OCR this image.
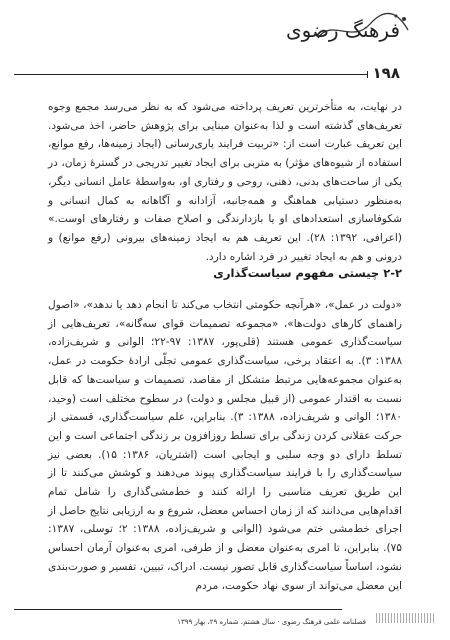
فرهنگ رضوی
۱۹۸

در نهایت، به متأخرترین تعریف پرداخته می‌شود که به نظر می‌رسد مجمع وجوه تعریف‌های گذشته است و لذا به‌عنوان مبنایی برای پژوهش حاضر، اخذ می‌شود. این تعریف عبارت است از: «تربیت فرایند یاری‌رسانی (ایجاد زمینه‌ها، رفع موانع، استفاده از شیوه‌های مؤثر) به متربی برای ایجاد تغییر تدریجی در گسترهٔ زمان، در یکی از ساحت‌های بدنی، ذهنی، روحی و رفتاری او، به‌واسطهٔ عامل انسانی دیگر، به‌منظور دستیابی هماهنگ و همه‌جانبه، آزادانه و آگاهانه به کمال انسانی و شکوفاسازی استعدادهای او یا بازدارندگی و اصلاح صفات و رفتارهای اوست.» (اعرافی، ۱۳۹۲: ۲۸). این تعریف هم به ایجاد زمینه‌های بیرونی (رفع موانع) و درونی و هم به ایجاد تغییر در فرد اشاره دارد.

۲-۲ چیستی مفهوم سیاست‌گذاری

«دولت در عمل»، «هرآنچه حکومتی انتخاب می‌کند تا انجام دهد یا ندهد»، «اصول راهنمای کارهای دولت‌ها»، «مجموعه تصمیمات قوای سه‌گانه»، تعریف‌هایی از سیاست‌گذاری عمومی هستند (قلی‌پور، ۱۳۸۷: ۹۷-۲۲؛ الوانی و شریف‌زاده، ۱۳۸۸: ۳). به اعتقاد برخی، سیاست‌گذاری عمومی تجلّی ارادهٔ حکومت در عمل، به‌عنوان مجموعه‌هایی مرتبط متشکل از مقاصد، تصمیمات و سیاست‌ها که قابل نسبت به اقتدار عمومی (از قبیل مجلس و دولت) در سطوح مختلف است (وحید، ۱۳۸۰؛ الوانی و شریف‌زاده، ۱۳۸۸: ۳). بنابراین، علم سیاست‌گذاری، قسمتی از حرکت عقلانی کردن زندگی برای تسلط روزافزون بر زندگی اجتماعی است و این تسلط دارای دو وجه سلبی و ایجابی است (اشتریان، ۱۳۸۶: ۱۵). بعضی نیز سیاست‌گذاری را با فرایند سیاست‌گذاری پیوند می‌دهند و کوشش می‌کنند تا از این طریق تعریف مناسبی را ارائه کنند و خط‌مشی‌گذاری را شامل تمام اقدام‌هایی می‌دانند که از زمان احساس معضل، شروع و به ارزیابی نتایج حاصل از اجرای خط‌مشی ختم می‌شود (الوانی و شریف‌زاده، ۱۳۸۸: ۲؛ توسلی، ۱۳۸۷: ۷۵). بنابراین، تا امری به‌عنوان معضل و از طرفی، امری به‌عنوان آرمان احساس نشود، اساساً سیاست‌گذاری قابل تصور نیست. ادراک، تبیین، تفسیر و صورت‌بندی این معضل می‌تواند از سوی نهاد حکومت، مردم

فصلنامه علمی فرهنگ رضوی · سال هشتم، شماره ۲۹، بهار ۱۳۹۹
